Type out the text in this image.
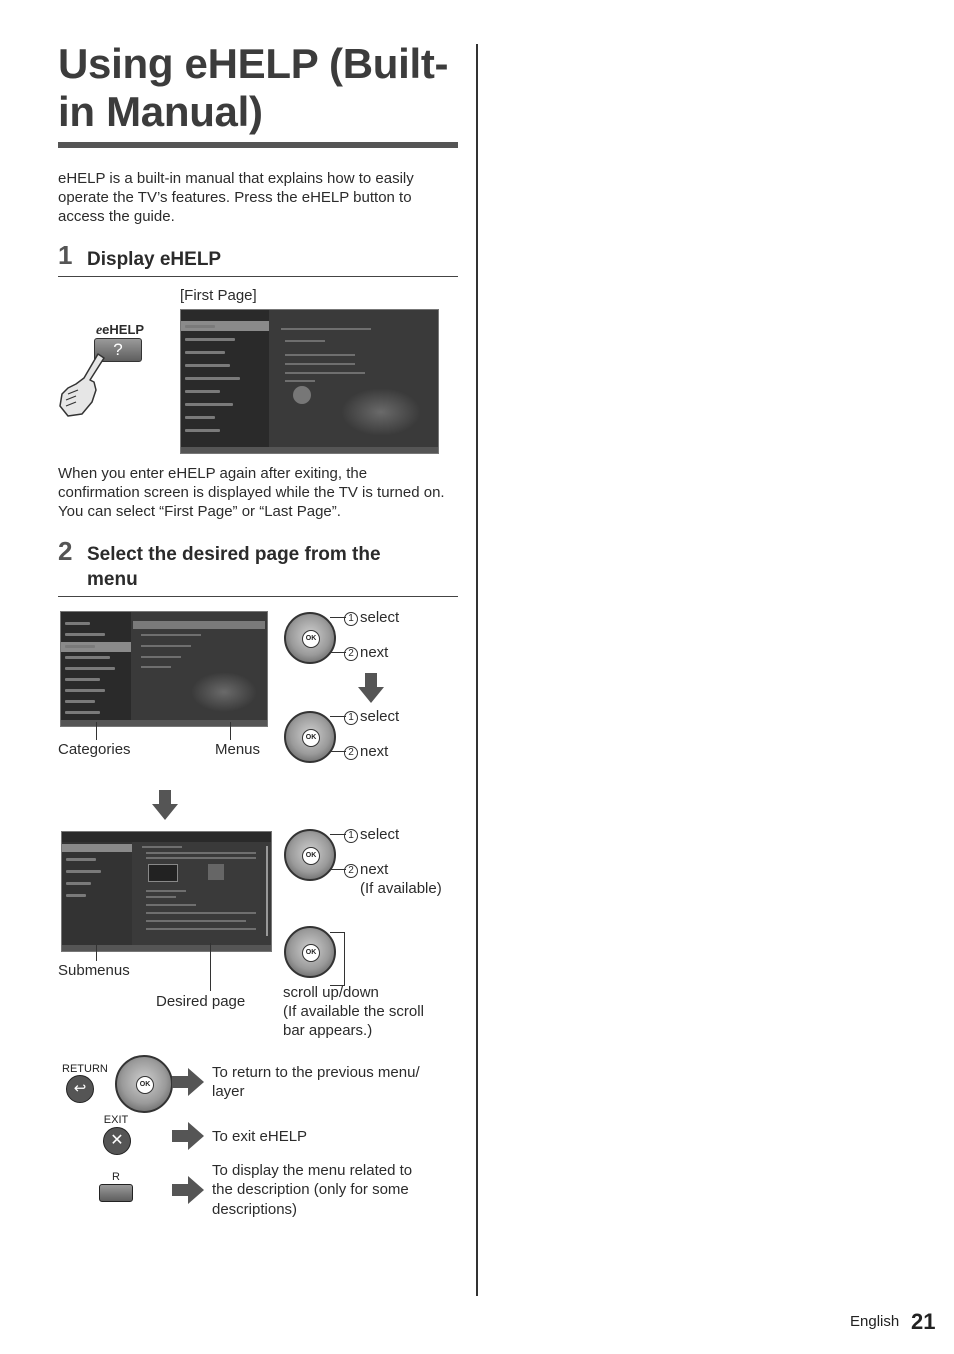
Using eHELP (Built-in Manual)
eHELP is a built-in manual that explains how to easily operate the TV’s features. Press the eHELP button to access the guide.
1 Display eHELP
[First Page]
eeHELP
?
When you enter eHELP again after exiting, the confirmation screen is displayed while the TV is turned on. You can select “First Page” or “Last Page”.
2 Select the desired page from the
menu
Categories	Menus
OK
1 select
2 next
OK
1 select
2 next
Submenus
Desired page
OK
1 select
2 next
(If available)
OK
scroll up/down
(If available the scroll
bar appears.)
RETURN
↩	OK
To return to the previous menu/
layer
EXIT
✕	To exit eHELP
R	To display the menu related to
the description (only for some
descriptions)
English 21
